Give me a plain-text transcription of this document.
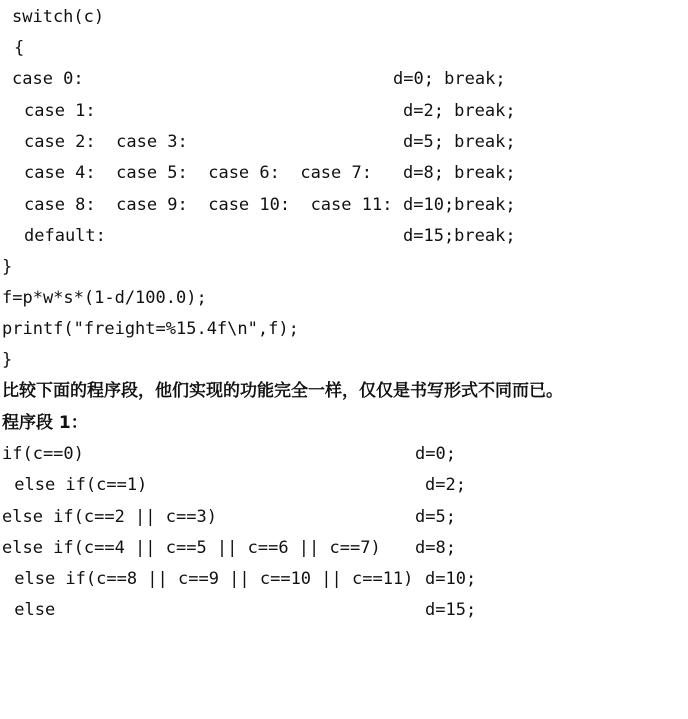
switch(c)

{

case 0:

	d=0; break;

case 1:

	d=2; break;

case 2:  case 3:

	d=5; break;

case 4:  case 5:  case 6:  case 7:

d=8; break;

case 8:  case 9:  case 10:  case 11:

d=10;break;

default:

	d=15;break;

}

f=p*w*s*(1-d/100.0);

printf("freight=%15.4f\n",f);

}

比较下面的程序段，他们实现的功能完全一样，仅仅是书写形式不同而已。

程序段 1：

if(c==0)

	d=0;

else if(c==1)

	d=2;

else if(c==2 || c==3)

	d=5;

else if(c==4 || c==5 || c==6 || c==7)

d=8;

else if(c==8 || c==9 || c==10 || c==11)

d=10;

else

	d=15;
